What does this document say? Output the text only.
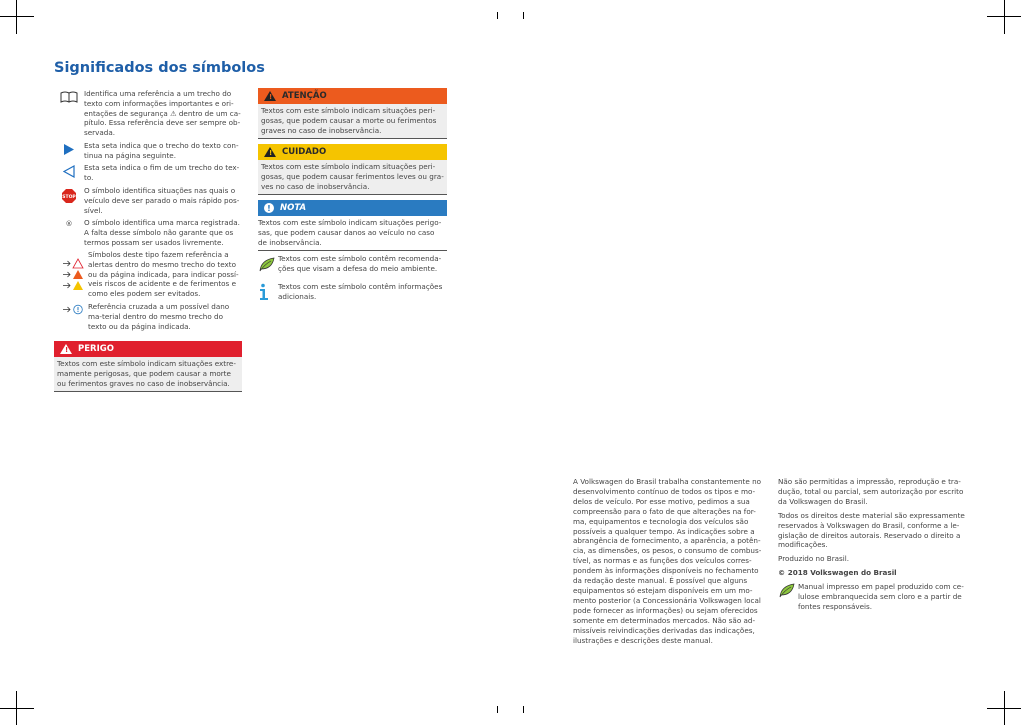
Significados dos símbolos
Identifica uma referência a um trecho do texto com informações importantes e ori-entações de segurança ⚠ dentro de um ca-pítulo. Essa referência deve ser sempre ob-servada.
Esta seta indica que o trecho do texto con-tinua na página seguinte.
Esta seta indica o fim de um trecho do tex-to.
STOP
O símbolo identifica situações nas quais o veículo deve ser parado o mais rápido pos-sível.
®	O símbolo identifica uma marca registrada. A falta desse símbolo não garante que os termos possam ser usados livremente.
Símbolos deste tipo fazem referência a alertas dentro do mesmo trecho do texto ou da página indicada, para indicar possí-veis riscos de acidente e de ferimentos e como eles podem ser evitados.
Referência cruzada a um possível dano ma-terial dentro do mesmo trecho do texto ou da página indicada.
! PERIGO
Textos com este símbolo indicam situações extre-mamente perigosas, que podem causar a morte ou ferimentos graves no caso de inobservância.
! ATENÇÃO
Textos com este símbolo indicam situações peri-gosas, que podem causar a morte ou ferimentos graves no caso de inobservância.
! CUIDADO
Textos com este símbolo indicam situações peri-gosas, que podem causar ferimentos leves ou gra-ves no caso de inobservância.
!	NOTA
Textos com este símbolo indicam situações perigo-sas, que podem causar danos ao veículo no caso de inobservância.
Textos com este símbolo contêm recomenda-ções que visam a defesa do meio ambiente.
Textos com este símbolo contêm informações adicionais.
A Volkswagen do Brasil trabalha constantemente no desenvolvimento contínuo de todos os tipos e mo-delos de veículo. Por esse motivo, pedimos a sua compreensão para o fato de que alterações na for-ma, equipamentos e tecnologia dos veículos são possíveis a qualquer tempo. As indicações sobre a abrangência de fornecimento, a aparência, a potên-cia, as dimensões, os pesos, o consumo de combus-tível, as normas e as funções dos veículos corres-pondem às informações disponíveis no fechamento da redação deste manual. É possível que alguns equipamentos só estejam disponíveis em um mo-mento posterior (a Concessionária Volkswagen local pode fornecer as informações) ou sejam oferecidos somente em determinados mercados. Não são ad-missíveis reivindicações derivadas das indicações, ilustrações e descrições deste manual.

Não são permitidas a impressão, reprodução e tra-dução, total ou parcial, sem autorização por escrito da Volkswagen do Brasil.

Todos os direitos deste material são expressamente reservados à Volkswagen do Brasil, conforme a le-gislação de direitos autorais. Reservado o direito a modificações.

Produzido no Brasil.

© 2018 Volkswagen do Brasil

Manual impresso em papel produzido com ce-lulose embranquecida sem cloro e a partir de fontes responsáveis.
